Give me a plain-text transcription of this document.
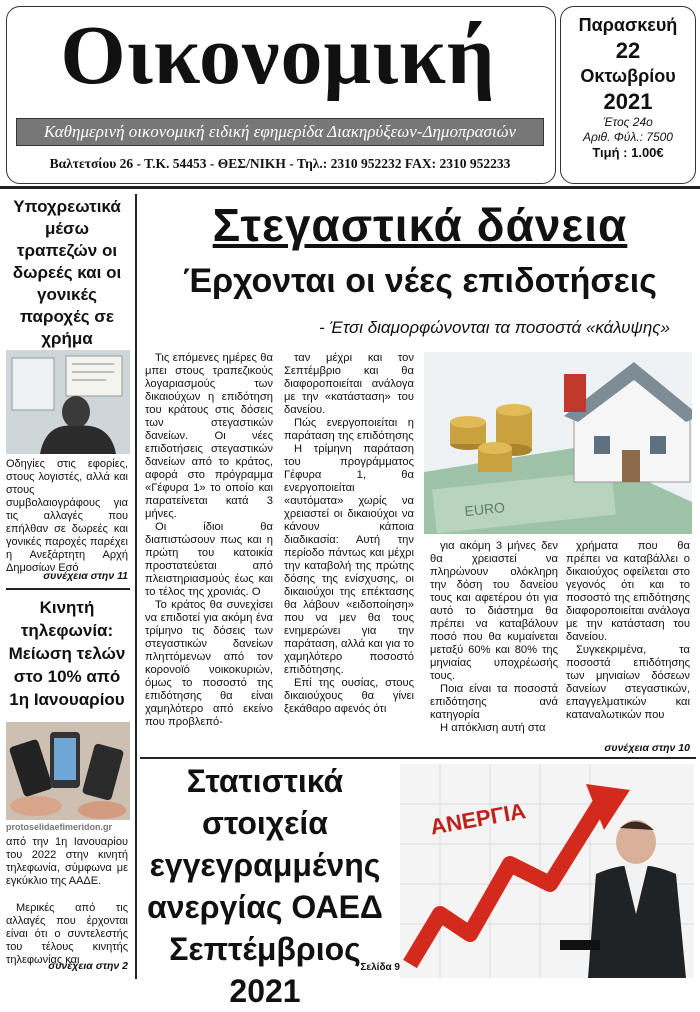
Οικονομική
Καθημερινή οικονομική ειδική εφημερίδα Διακηρύξεων-Δημοπρασιών
Βαλτετσίου 26 - Τ.Κ. 54453 - ΘΕΣ/ΝΙΚΗ - Τηλ.: 2310 952232 FAX: 2310 952233
Παρασκευή
22
Οκτωβρίου
2021
Έτος 24ο
Αριθ. Φύλ.: 7500
Τιμή : 1.00€
Υποχρεωτικά μέσω τραπεζών οι δωρεές και οι γονικές παροχές σε χρήμα
Οδηγίες στις εφορίες, στους λογιστές, αλλά και στους συμβολαιογράφους για τις αλλαγές που επήλθαν σε δωρεές και γονικές παροχές παρέχει η Ανεξάρτητη Αρχή Δημοσίων Εσό
συνέχεια στην 11
Κινητή τηλεφωνία: Μείωση τελών στο 10% από 1η Ιανουαρίου
protoselidaefimeridon.gr
από την 1η Ιανουαρίου του 2022 στην κινητή τηλεφωνία, σύμφωνα με εγκύκλιο της ΑΑΔΕ.
Μερικές από τις αλλαγές που έρχονται είναι ότι ο συντελεστής του τέλους κινητής τηλεφωνίας και
συνέχεια στην 2
Στεγαστικά δάνεια
Έρχονται οι νέες επιδοτήσεις
- Έτσι διαμορφώνονται τα ποσοστά «κάλυψης»

Τις επόμενες ημέρες θα μπει στους τραπεζικούς λογαριασμούς των δικαιούχων η επιδότηση του κράτους στις δόσεις των στεγαστικών δανείων. Οι νέες επιδοτήσεις στεγαστικών δανείων από το κράτος, αφορά στο πρόγραμμα «Γέφυρα 1» το οποίο και παρατείνεται κατά 3 μήνες.

Οι ίδιοι θα διαπιστώσουν πως και η πρώτη του κατοικία προστατεύεται από πλειστηριασμούς έως και το τέλος της χρονιάς. Ο

Το κράτος θα συνεχίσει να επιδοτεί για ακόμη ένα τρίμηνο τις δόσεις των στεγαστικών δανείων πληττόμενων από τον κορονοϊό νοικοκυριών, όμως το ποσοστό της επιδότησης θα είναι χαμηλότερο από εκείνο που προβλεπό-

ταν μέχρι και τον Σεπτέμβριο και θα διαφοροποιείται ανάλογα με την «κατάσταση» του δανείου.

Πώς ενεργοποιείται η παράταση της επιδότησης

Η τρίμηνη παράταση του προγράμματος Γέφυρα 1, θα ενεργοποιείται «αυτόματα» χωρίς να χρειαστεί οι δικαιούχοι να κάνουν κάποια διαδικασία: Αυτή την περίοδο πάντως και μέχρι την καταβολή της πρώτης δόσης της ενίσχυσης, οι δικαιούχοι της επέκτασης θα λάβουν «ειδοποίηση» που να μεν θα τους ενημερώνει για την παράταση, αλλά και για το χαμηλότερο ποσοστό επιδότησης.

Επί της ουσίας, στους δικαιούχους θα γίνει ξεκάθαρο αφενός ότι

EURO

για ακόμη 3 μήνες δεν θα χρειαστεί να πληρώνουν ολόκληρη την δόση του δανείου τους και αφετέρου ότι για αυτό το διάστημα θα πρέπει να καταβάλουν ποσό που θα κυμαίνεται μεταξύ 60% και 80% της μηνιαίας υποχρέωσής τους.

Ποια είναι τα ποσοστά επιδότησης ανά κατηγορία

Η απόκλιση αυτή στα

χρήματα που θα πρέπει να καταβάλλει ο δικαιούχος οφείλεται στο γεγονός ότι και το ποσοστό της επιδότησης διαφοροποιείται ανάλογα με την κατάσταση του δανείου.

Συγκεκριμένα, τα ποσοστά επιδότησης των μηνιαίων δόσεων δανείων στεγαστικών, επαγγελματικών και καταναλωτικών που

συνέχεια στην 10
Στατιστικά
στοιχεία
εγγεγραμμένης
ανεργίας ΟΑΕΔ
Σεπτέμβριος
2021
Σελίδα 9
ΑΝΕΡΓΙΑ
